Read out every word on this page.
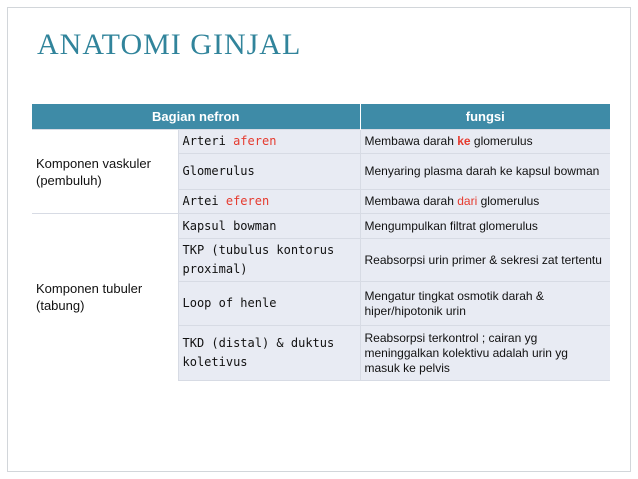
ANATOMI GINJAL
Bagian nefron		fungsi
Komponen vaskuler (pembuluh)	Arteri aferen	Membawa darah ke glomerulus
	Glomerulus	Menyaring plasma darah ke kapsul bowman
	Artei eferen	Membawa darah dari glomerulus
Komponen tubuler (tabung)	Kapsul bowman	Mengumpulkan filtrat glomerulus
	TKP (tubulus kontorus proximal)	Reabsorpsi urin primer & sekresi zat tertentu
	Loop of henle	Mengatur tingkat osmotik darah & hiper/hipotonik urin
	TKD (distal) & duktus koletivus	Reabsorpsi terkontrol ; cairan yg meninggalkan kolektivu adalah urin yg masuk ke pelvis
